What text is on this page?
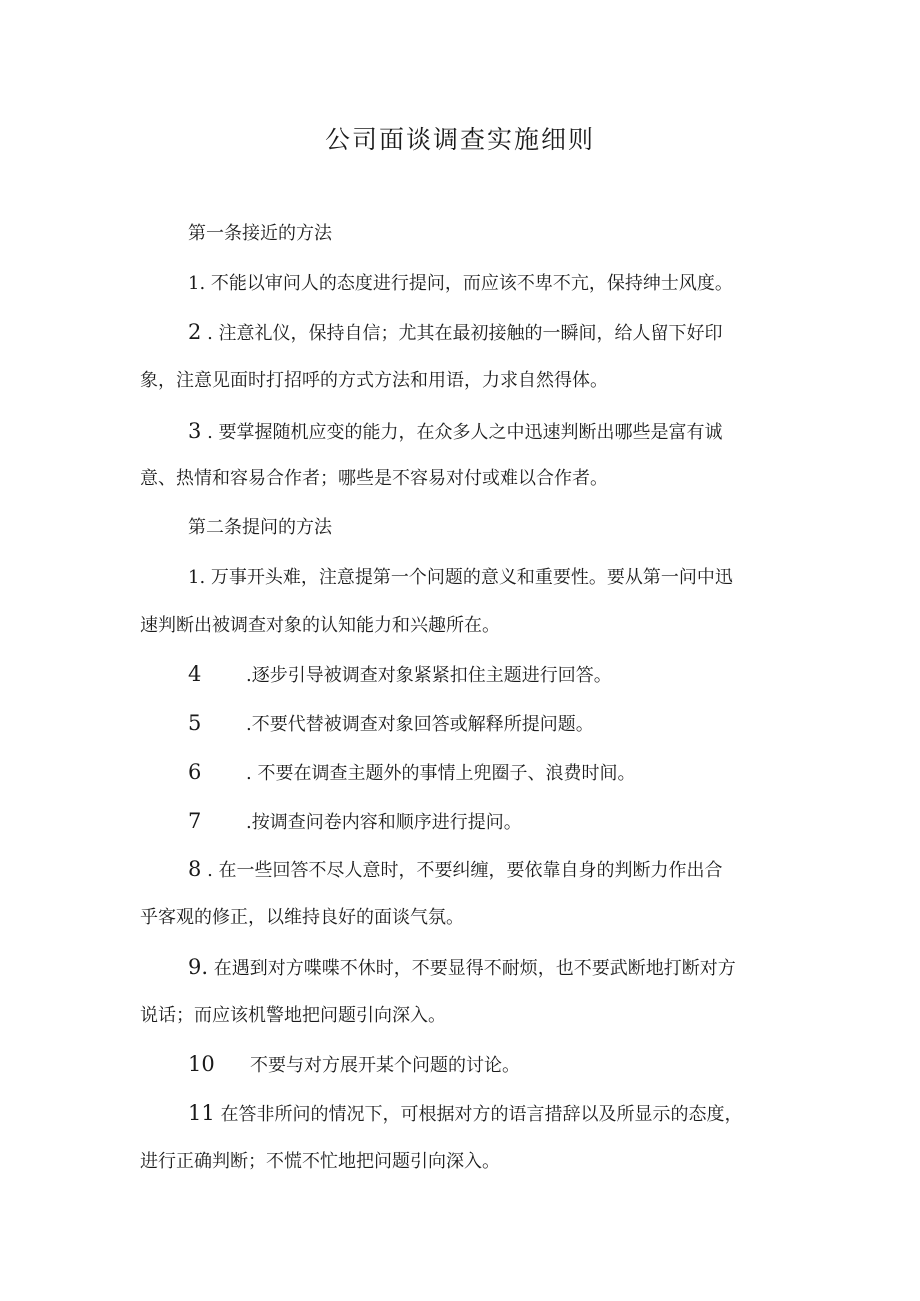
公司面谈调查实施细则
第一条接近的方法
1. 不能以审问人的态度进行提问，而应该不卑不亢，保持绅士风度。
2 . 注意礼仪，保持自信；尤其在最初接触的一瞬间，给人留下好印
象，注意见面时打招呼的方式方法和用语，力求自然得体。
3 . 要掌握随机应变的能力，在众多人之中迅速判断出哪些是富有诚
意、热情和容易合作者；哪些是不容易对付或难以合作者。
第二条提问的方法
1. 万事开头难，注意提第一个问题的意义和重要性。要从第一问中迅
速判断出被调查对象的认知能力和兴趣所在。
4 .逐步引导被调查对象紧紧扣住主题进行回答。
5 .不要代替被调查对象回答或解释所提问题。
6 . 不要在调查主题外的事情上兜圈子、浪费时间。
7 .按调查问卷内容和顺序进行提问。
8 . 在一些回答不尽人意时，不要纠缠，要依靠自身的判断力作出合
乎客观的修正，以维持良好的面谈气氛。
9. 在遇到对方喋喋不休时，不要显得不耐烦，也不要武断地打断对方
说话；而应该机警地把问题引向深入。
10 不要与对方展开某个问题的讨论。
11 在答非所问的情况下，可根据对方的语言措辞以及所显示的态度，
进行正确判断；不慌不忙地把问题引向深入。
